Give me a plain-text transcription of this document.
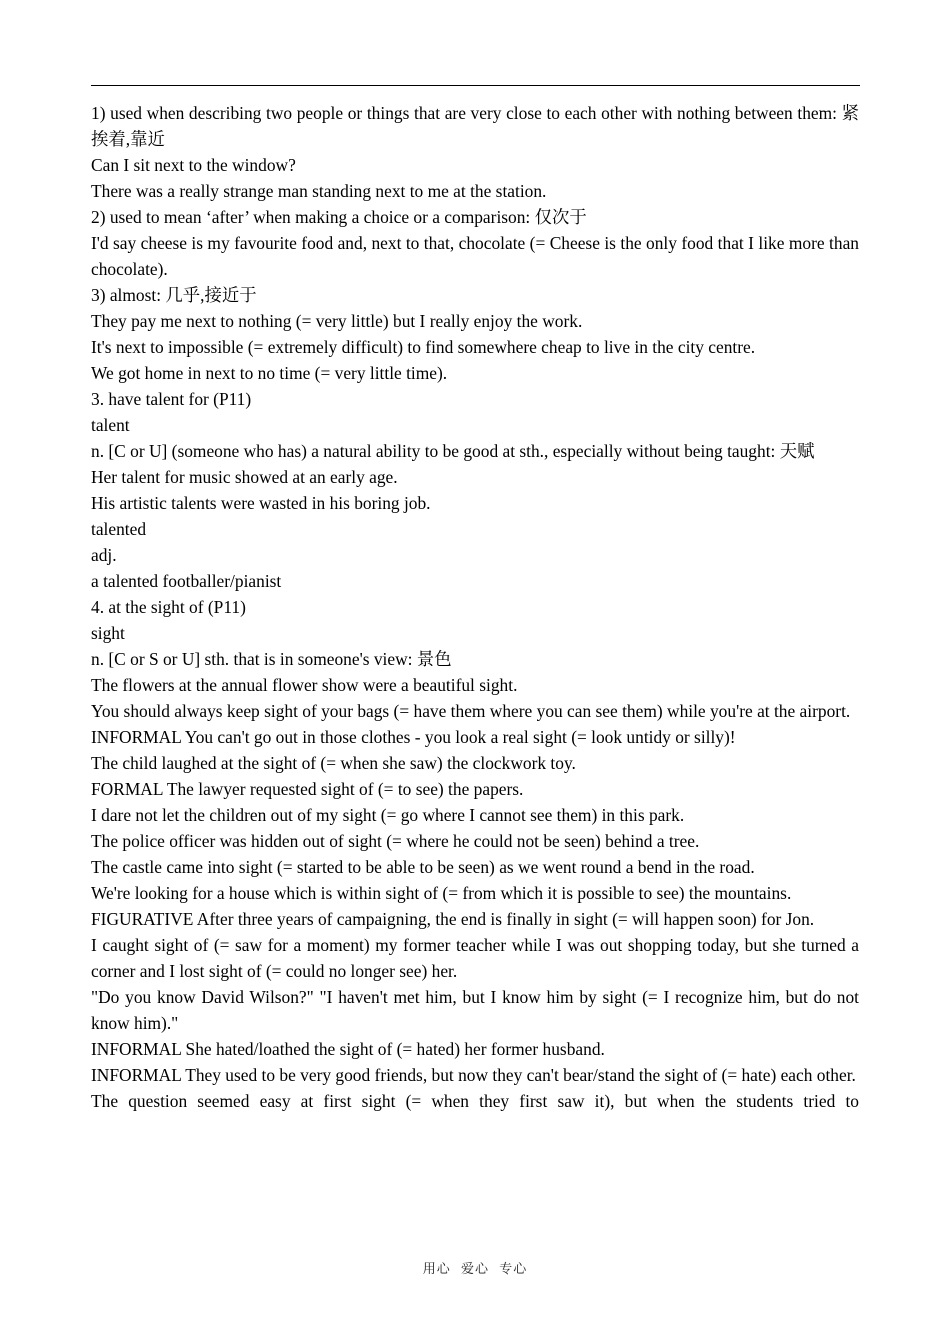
1) used when describing two people or things that are very close to each other with nothing between them: 紧挨着,靠近

Can I sit next to the window?

There was a really strange man standing next to me at the station.

2) used to mean ‘after’ when making a choice or a comparison: 仅次于

I'd say cheese is my favourite food and, next to that, chocolate (= Cheese is the only food that I like more than chocolate).

3) almost: 几乎,接近于

They pay me next to nothing (= very little) but I really enjoy the work.

It's next to impossible (= extremely difficult) to find somewhere cheap to live in the city centre.

We got home in next to no time (= very little time).

3. have talent for (P11)

talent

n. [C or U] (someone who has) a natural ability to be good at sth., especially without being taught: 天赋

Her talent for music showed at an early age.

His artistic talents were wasted in his boring job.

talented

adj.

a talented footballer/pianist

4. at the sight of (P11)

sight

n. [C or S or U] sth. that is in someone's view: 景色

The flowers at the annual flower show were a beautiful sight.

You should always keep sight of your bags (= have them where you can see them) while you're at the airport.

INFORMAL You can't go out in those clothes - you look a real sight (= look untidy or silly)!

The child laughed at the sight of (= when she saw) the clockwork toy.

FORMAL The lawyer requested sight of (= to see) the papers.

I dare not let the children out of my sight (= go where I cannot see them) in this park.

The police officer was hidden out of sight (= where he could not be seen) behind a tree.

The castle came into sight (= started to be able to be seen) as we went round a bend in the road.

We're looking for a house which is within sight of (= from which it is possible to see) the mountains.

FIGURATIVE After three years of campaigning, the end is finally in sight (= will happen soon) for Jon.

I caught sight of (= saw for a moment) my former teacher while I was out shopping today, but she turned a corner and I lost sight of (= could no longer see) her.

"Do you know David Wilson?" "I haven't met him, but I know him by sight (= I recognize him, but do not know him)."

INFORMAL She hated/loathed the sight of (= hated) her former husband.

INFORMAL They used to be very good friends, but now they can't bear/stand the sight of (= hate) each other.

The question seemed easy at first sight (= when they first saw it), but when the students tried to

用心 爱心 专心
